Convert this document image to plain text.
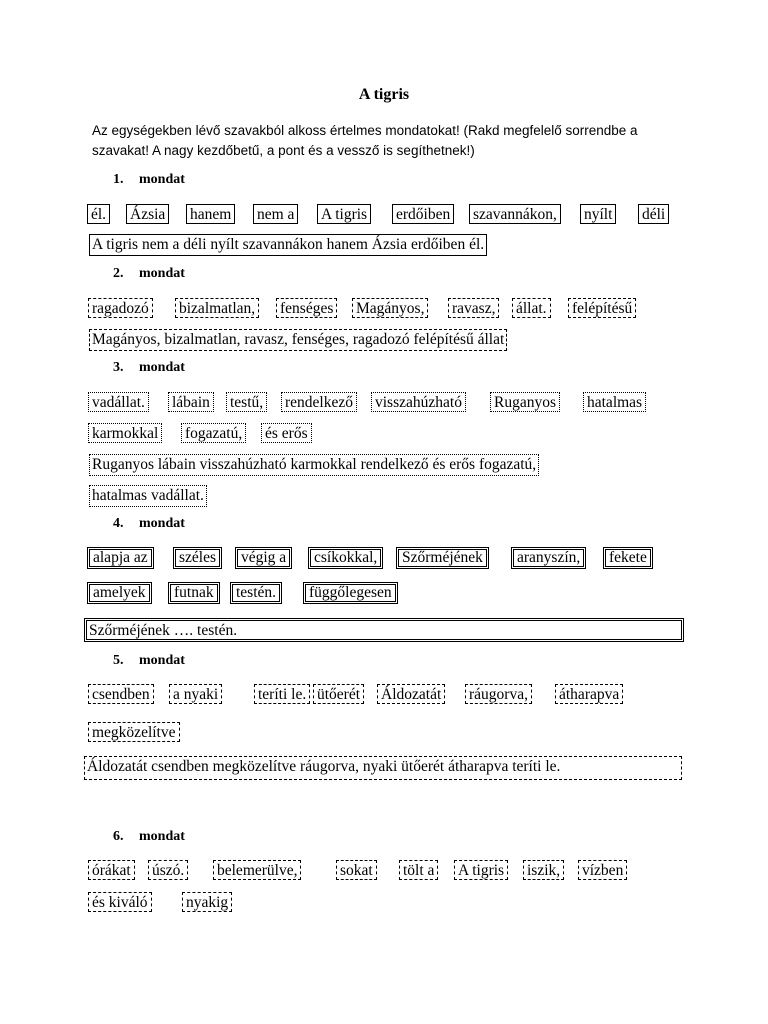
A tigris
Az egységekben lévő szavakból alkoss értelmes mondatokat! (Rakd megfelelő sorrendbe a szavakat! A nagy kezdőbetű, a pont és a vessző is segíthetnek!)
1. mondat
él. Ázsia hanem nem a A tigris erdőiben szavannákon, nyílt déli
A tigris nem a déli nyílt szavannákon hanem Ázsia erdőiben él.
2. mondat
ragadozó bizalmatlan, fenséges Magányos, ravasz, állat. felépítésű
Magányos, bizalmatlan, ravasz, fenséges, ragadozó felépítésű állat
3. mondat
vadállat. lábain testű, rendelkező visszahúzható Ruganyos hatalmas
karmokkal fogazatú, és erős
Ruganyos lábain visszahúzható karmokkal rendelkező és erős fogazatú,
hatalmas vadállat.
4. mondat
alapja az	széles	végig a	csíkokkal,	Szőrméjének	aranyszín,	fekete
amelyek	futnak	testén.	függőlegesen
Szőrméjének …. testén.
5. mondat
csendben a nyaki	teríti le. ütőerét Áldozatát ráugorva, átharapva
megközelítve
Áldozatát csendben megközelítve ráugorva, nyaki ütőerét átharapva teríti le.
6. mondat
órákat úszó. belemerülve,	sokat tölt a A tigris iszik, vízben
és kiváló nyakig
